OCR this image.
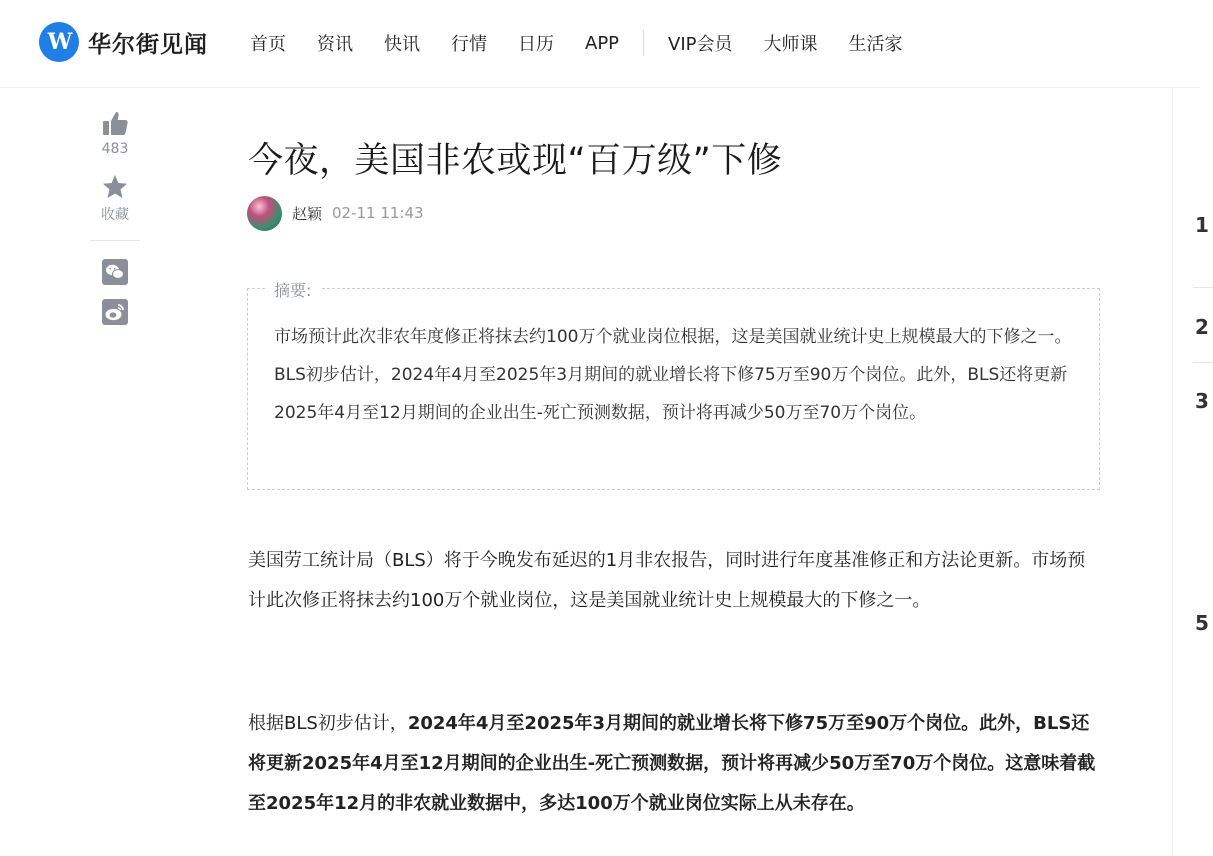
W 华尔街见闻 首页 资讯 快讯 行情 日历 APP	VIP会员 大师课 生活家
483
收藏
今夜，美国非农或现“百万级”下修
赵颖 02-11 11:43
摘要:

市场预计此次非农年度修正将抹去约100万个就业岗位根据，这是美国就业统计史上规模最大的下修之一。BLS初步估计，2024年4月至2025年3月期间的就业增长将下修75万至90万个岗位。此外，BLS还将更新2025年4月至12月期间的企业出生-死亡预测数据，预计将再减少50万至70万个岗位。

美国劳工统计局（BLS）将于今晚发布延迟的1月非农报告，同时进行年度基准修正和方法论更新。市场预计此次修正将抹去约100万个就业岗位，这是美国就业统计史上规模最大的下修之一。

根据BLS初步估计，2024年4月至2025年3月期间的就业增长将下修75万至90万个岗位。此外，BLS还将更新2025年4月至12月期间的企业出生-死亡预测数据，预计将再减少50万至70万个岗位。这意味着截至2025年12月的非农就业数据中，多达100万个就业岗位实际上从未存在。

1
2
3
5
